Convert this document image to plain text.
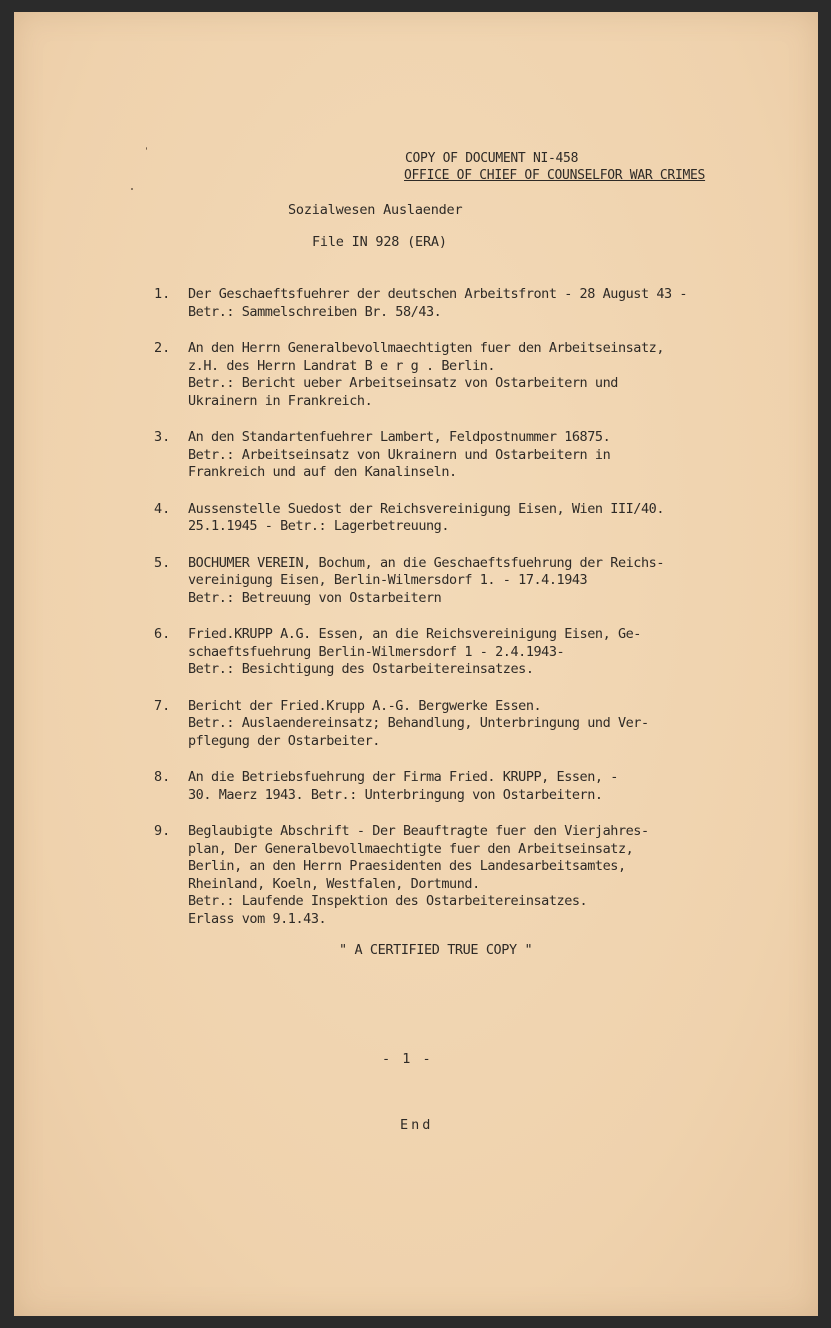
COPY OF DOCUMENT NI-458
OFFICE OF CHIEF OF COUNSELFOR WAR CRIMES
Sozialwesen Auslaender
File IN 928 (ERA)
1. Der Geschaeftsfuehrer der deutschen Arbeitsfront - 28 August 43 -
Betr.: Sammelschreiben Br. 58/43.
2. An den Herrn Generalbevollmaechtigten fuer den Arbeitseinsatz,
z.H. des Herrn Landrat B e r g . Berlin.
Betr.: Bericht ueber Arbeitseinsatz von Ostarbeitern und
Ukrainern in Frankreich.
3. An den Standartenfuehrer Lambert, Feldpostnummer 16875.
Betr.: Arbeitseinsatz von Ukrainern und Ostarbeitern in
Frankreich und auf den Kanalinseln.
4. Aussenstelle Suedost der Reichsvereinigung Eisen, Wien III/40.
25.1.1945 - Betr.: Lagerbetreuung.
5. BOCHUMER VEREIN, Bochum, an die Geschaeftsfuehrung der Reichs-
vereinigung Eisen, Berlin-Wilmersdorf 1. - 17.4.1943
Betr.: Betreuung von Ostarbeitern
6. Fried.KRUPP A.G. Essen, an die Reichsvereinigung Eisen, Ge-
schaeftsfuehrung Berlin-Wilmersdorf 1 - 2.4.1943-
Betr.: Besichtigung des Ostarbeitereinsatzes.
7. Bericht der Fried.Krupp A.-G. Bergwerke Essen.
Betr.: Auslaendereinsatz; Behandlung, Unterbringung und Ver-
pflegung der Ostarbeiter.
8. An die Betriebsfuehrung der Firma Fried. KRUPP, Essen, -
30. Maerz 1943. Betr.: Unterbringung von Ostarbeitern.
9. Beglaubigte Abschrift - Der Beauftragte fuer den Vierjahres-
plan, Der Generalbevollmaechtigte fuer den Arbeitseinsatz,
Berlin, an den Herrn Praesidenten des Landesarbeitsamtes,
Rheinland, Koeln, Westfalen, Dortmund.
Betr.: Laufende Inspektion des Ostarbeitereinsatzes.
Erlass vom 9.1.43.
" A CERTIFIED TRUE COPY "
- 1 -
End
